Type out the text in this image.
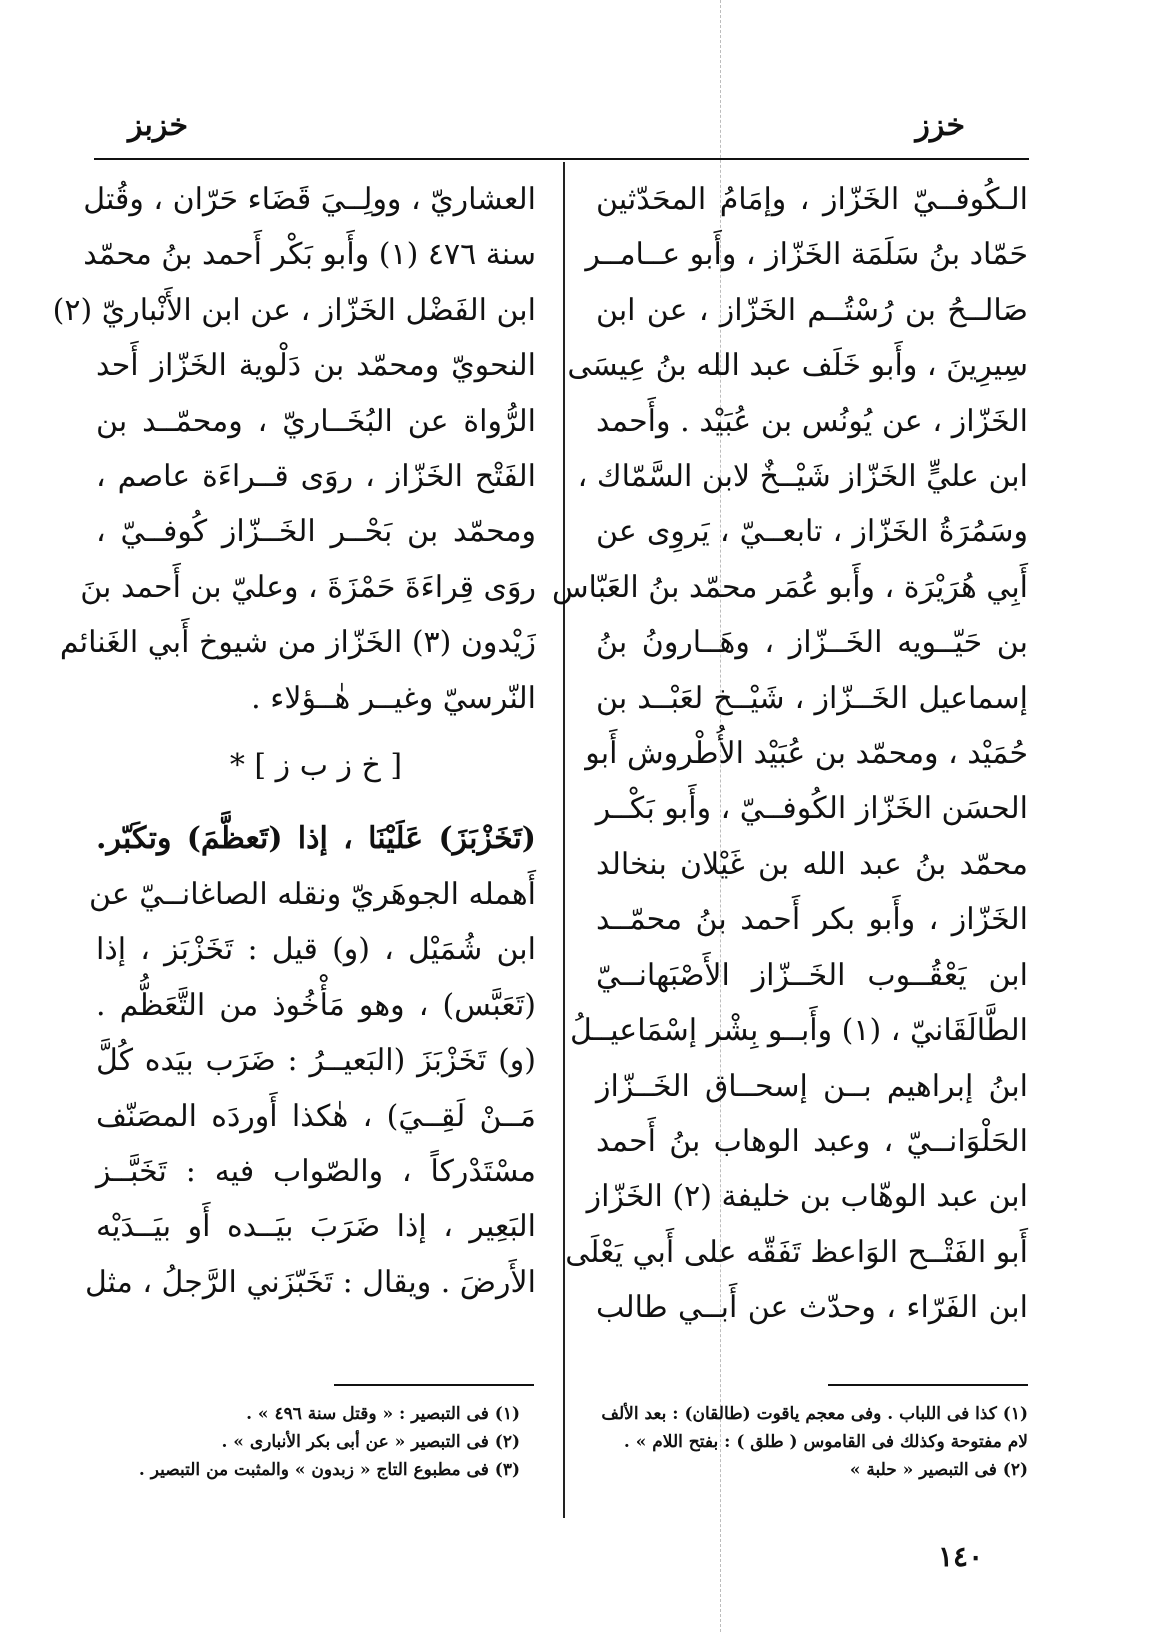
خزز
خزبز
الـكُوفــيّ الخَزّاز ، وإمَامُ المحَدّثين
حَمّاد بنُ سَلَمَة الخَزّاز ، وأَبو عــامــر
صَالــحُ بن رُسْتُــم الخَزّاز ، عن ابن
سِيرِينَ ، وأَبو خَلَف عبد الله بنُ عِيسَى
الخَزّاز ، عن يُونُس بن عُبَيْد . وأَحمد
ابن عليٍّ الخَزّاز شَيْــخٌ لابن السَّمّاك ،
وسَمُرَةُ الخَزّاز ، تابعــيّ ، يَروِى عن
أَبِي هُرَيْرَة ، وأَبو عُمَر محمّد بنُ العَبّاس
بن حَيّــويه الخَــزّاز ، وهَــارونُ بنُ
إسماعيل الخَــزّاز ، شَيْــخ لعَبْــد بن
حُمَيْد ، ومحمّد بن عُبَيْد الأُطْروش أَبو
الحسَن الخَزّاز الكُوفــيّ ، وأَبو بَكْــر
محمّد بنُ عبد الله بن غَيْلان بنخالد
الخَزّاز ، وأَبو بكر أَحمد بنُ محمّــد
ابن يَعْقُــوب الخَــزّاز الأَصْبَهانــيّ
الطَّالَقَانيّ ، (١) وأَبــو بِشْر إسْمَاعيــلُ
ابنُ إبراهيم بــن إسحــاق الخَــزّاز
الحَلْوَانــيّ ، وعبد الوهاب بنُ أَحمد
ابن عبد الوهّاب بن خليفة (٢) الخَزّاز
أَبو الفَتْــح الوَاعظ تَفَقّه على أَبي يَعْلَى
ابن الفَرّاء ، وحدّث عن أَبــي طالب
العشاريّ ، وولِــيَ قَضَاء حَرّان ، وقُتل
سنة ٤٧٦ (١) وأَبو بَكْر أَحمد بنُ محمّد
ابن الفَضْل الخَزّاز ، عن ابن الأَنْباريّ (٢)
النحويّ ومحمّد بن دَلْوية الخَزّاز أَحد
الرُّواة عن البُخَــاريّ ، ومحمّــد بن
الفَتْح الخَزّاز ، روَى قــراءَة عاصم ،
ومحمّد بن بَحْــر الخَــزّاز كُوفــيّ ،
روَى قِراءَةَ حَمْزَةَ ، وعليّ بن أَحمد بنَ
زَيْدون (٣) الخَزّاز من شيوخ أَبي الغَنائم
النّرسيّ وغيــر هٰــؤلاء .
[ خ ز ب ز ] *
(تَخَزْبَزَ) عَلَيْنَا ، إذا (تَعظَّمَ) وتكَبّر.
أَهمله الجوهَريّ ونقله الصاغانــيّ عن
ابن شُمَيْل ، (و) قيل : تَخَزْبَز ، إذا
(تَعَبَّس) ، وهو مَأْخُوذ من التَّعَظُّم .
(و) تَخَزْبَزَ (البَعيــرُ : ضَرَب بيَده كُلَّ
مَــنْ لَقِــيَ) ، هٰكذا أَوردَه المصَنّف
مسْتَدْركاً ، والصّواب فيه : تَخَبَّــز
البَعِير ، إذا ضَرَبَ بيَــده أَو بيَــدَيْه
الأَرضَ . ويقال : تَخَبّزَني الرَّجلُ ، مثل
(١) كذا فى اللباب . وفى معجم ياقوت (طالقان) : بعد الألف
لام مفتوحة وكذلك فى القاموس ( طلق ) : بفتح اللام » .
(٢) فى التبصير « حلبة »
(١) فى التبصير : « وقتل سنة ٤٩٦ » .
(٢) فى التبصير « عن أبى بكر الأنبارى » .
(٣) فى مطبوع التاج « زبدون » والمثبت من التبصير .
١٤٠
